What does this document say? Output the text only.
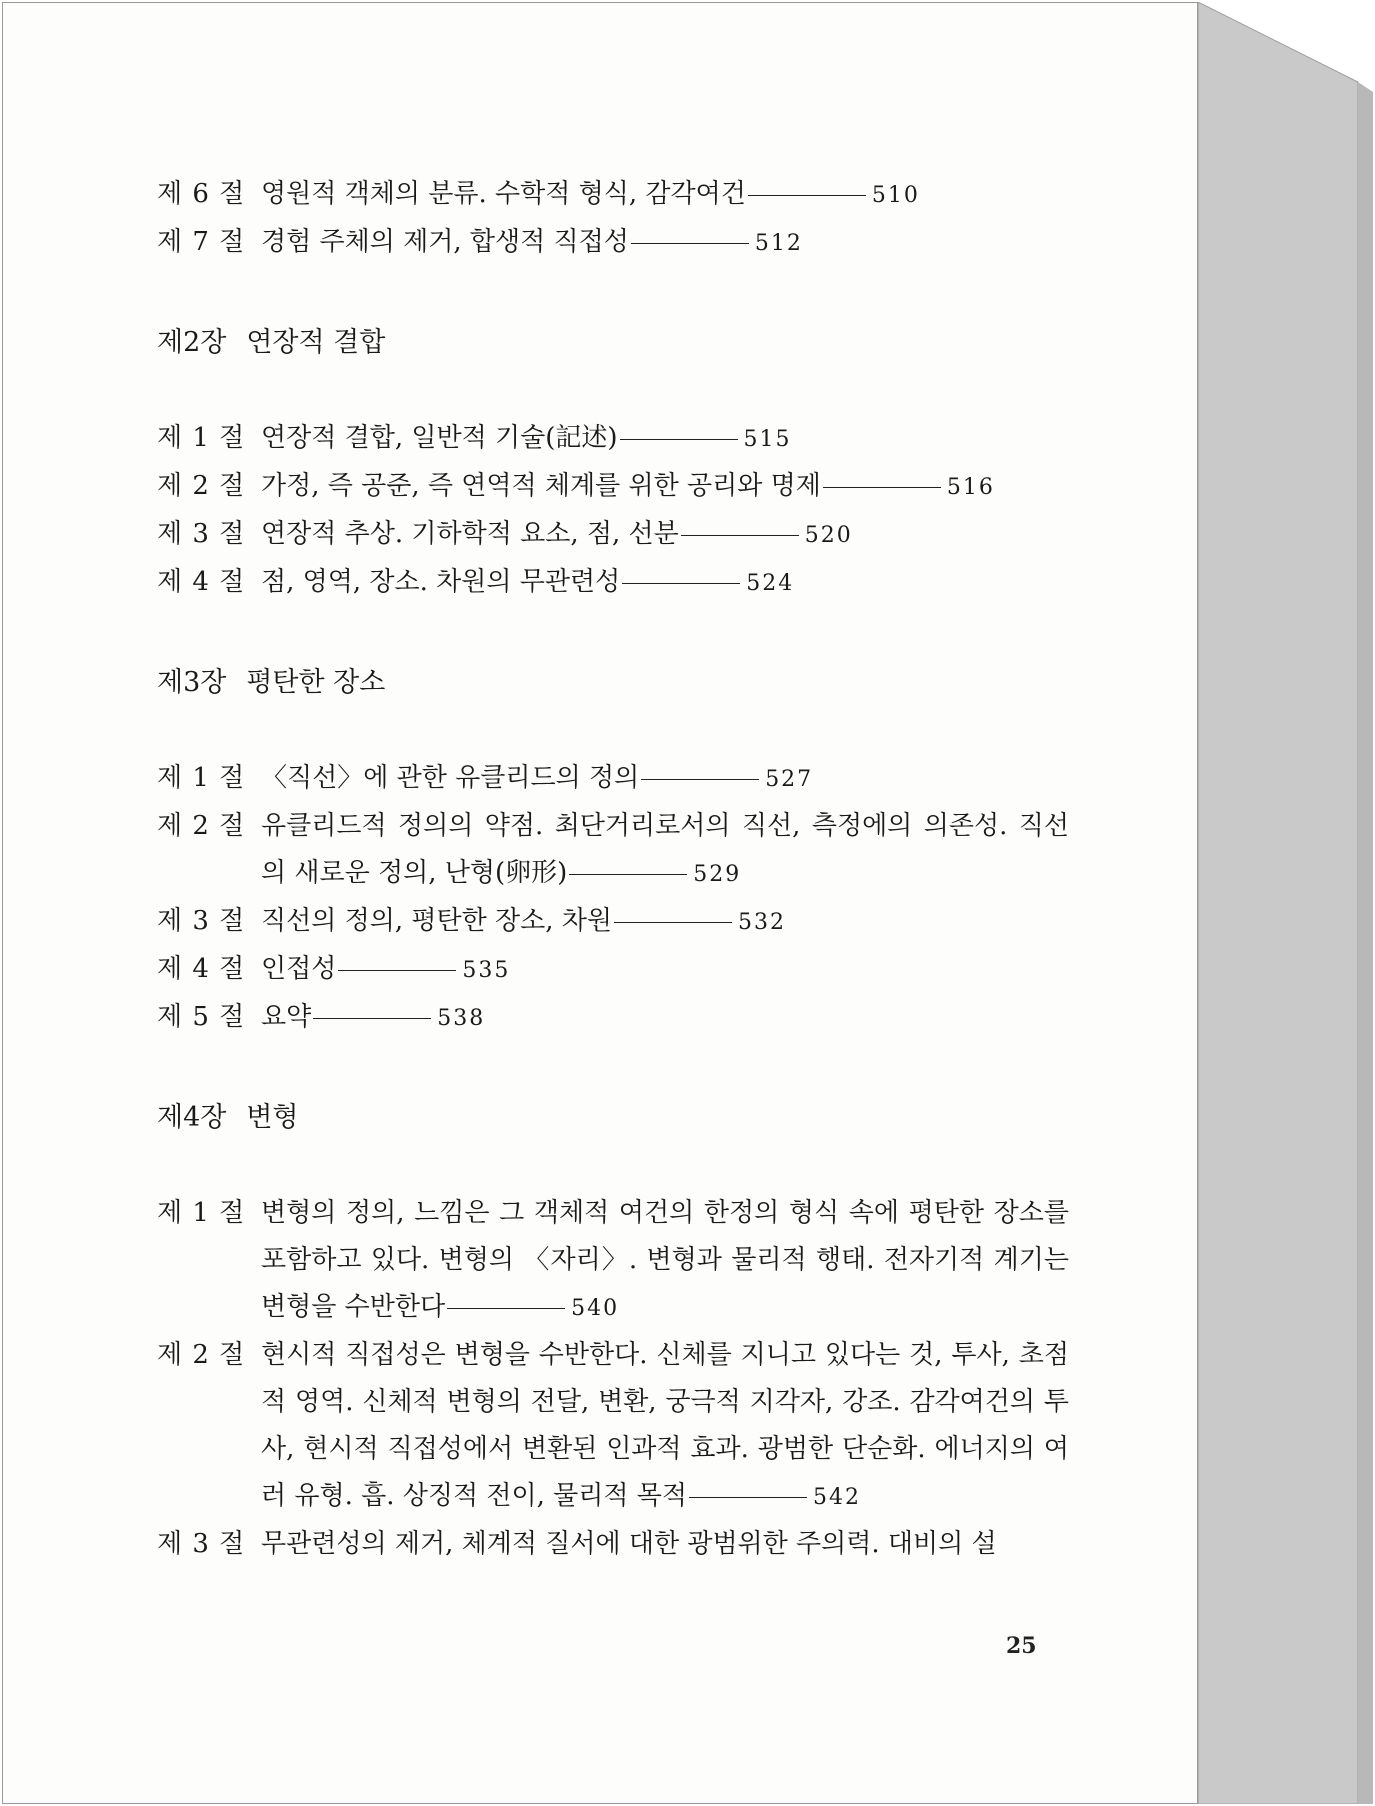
제 6 절 영원적 객체의 분류. 수학적 형식, 감각여건	510
제 7 절 경험 주체의 제거, 합생적 직접성	512
제2장 연장적 결합
제 1 절 연장적 결합, 일반적 기술(記述)	515
제 2 절 가정, 즉 공준, 즉 연역적 체계를 위한 공리와 명제	516
제 3 절 연장적 추상. 기하학적 요소, 점, 선분	520
제 4 절 점, 영역, 장소. 차원의 무관련성	524
제3장 평탄한 장소
제 1 절 〈직선〉에 관한 유클리드의 정의	527
제 2 절 유클리드적 정의의 약점. 최단거리로서의 직선, 측정에의 의존성. 직선의 새로운 정의, 난형(卵形)	529
제 3 절 직선의 정의, 평탄한 장소, 차원	532
제 4 절 인접성	535
제 5 절 요약	538
제4장 변형
제 1 절 변형의 정의, 느낌은 그 객체적 여건의 한정의 형식 속에 평탄한 장소를 포함하고 있다. 변형의 〈자리〉. 변형과 물리적 행태. 전자기적 계기는 변형을 수반한다	540
제 2 절 현시적 직접성은 변형을 수반한다. 신체를 지니고 있다는 것, 투사, 초점적 영역. 신체적 변형의 전달, 변환, 궁극적 지각자, 강조. 감각여건의 투사, 현시적 직접성에서 변환된 인과적 효과. 광범한 단순화. 에너지의 여러 유형. 흡. 상징적 전이, 물리적 목적	542
제 3 절 무관련성의 제거, 체계적 질서에 대한 광범위한 주의력. 대비의 설
25
